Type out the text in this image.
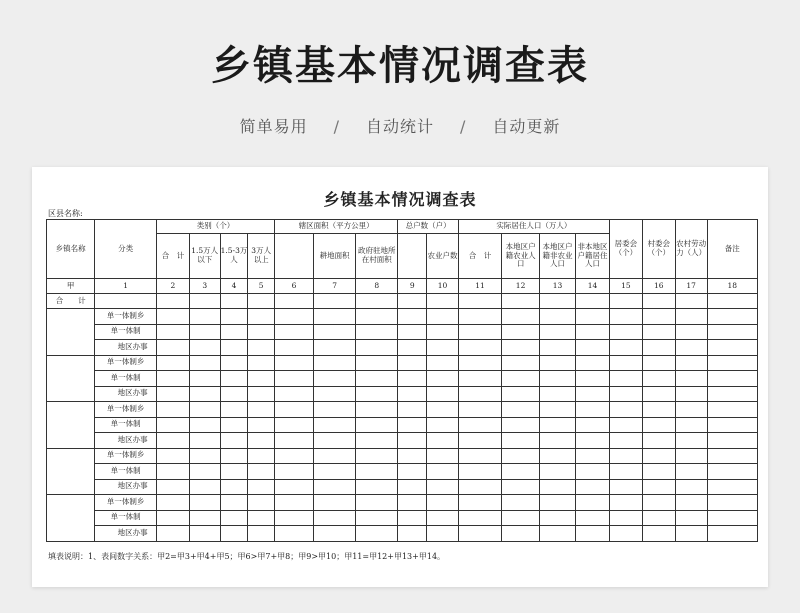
乡镇基本情况调查表
简单易用 / 自动统计 / 自动更新
乡镇基本情况调查表
区县名称:
乡镇名称	分类	类别（个）				辖区面积（平方公里）			总户数（户）		实际居住人口（万人）				居委会（个）	村委会（个）	农村劳动力（人）	备注
		合　计	1.5万人以下	1.5-3万人	3万人以上		耕地面积	政府驻地所在村面积		农业户数	合　计	本地区户籍农业人口	本地区户籍非农业人口	非本地区户籍居住人口				
甲	1	2	3	4	5	6	7	8	9	10	11	12	13	14	15	16	17	18
合　　计																		
	单一体制乡																	
	单一体制																	
	地区办事																	
	单一体制乡																	
	单一体制																	
	地区办事																	
	单一体制乡																	
	单一体制																	
	地区办事																	
	单一体制乡																	
	单一体制																	
	地区办事																	
	单一体制乡																	
	单一体制																	
	地区办事																	
填表说明：1、表间数字关系：甲2=甲3+甲4+甲5；甲6>甲7+甲8；甲9>甲10；甲11=甲12+甲13+甲14。
